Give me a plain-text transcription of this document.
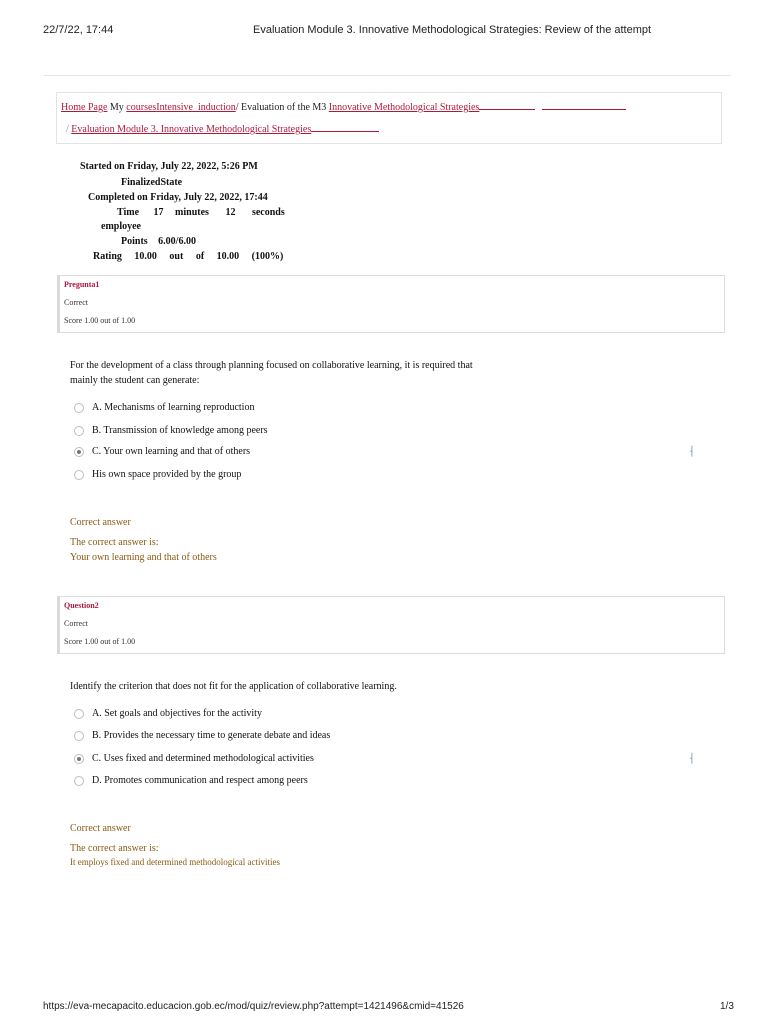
22/7/22, 17:44	Evaluation Module 3. Innovative Methodological Strategies: Review of the attempt
Home Page My coursesIntensive_induction/ Evaluation of the M3 Innovative Methodological Strategies
/ Evaluation Module 3. Innovative Methodological Strategies
Started on Friday, July 22, 2022, 5:26 PM
FinalizedState
Completed on Friday, July 22, 2022, 17:44
Time 17 minutes 12 seconds
employee
Points 6.00/6.00
Rating 10.00 out of 10.00 (100%)
Pregunta1
Correct
Score 1.00 out of 1.00
For the development of a class through planning focused on collaborative learning, it is required that mainly the student can generate:
A. Mechanisms of learning reproduction
B. Transmission of knowledge among peers
C. Your own learning and that of others
His own space provided by the group
⸡
Correct answer
The correct answer is:
Your own learning and that of others
Question2
Correct
Score 1.00 out of 1.00
Identify the criterion that does not fit for the application of collaborative learning.
A. Set goals and objectives for the activity
B. Provides the necessary time to generate debate and ideas
C. Uses fixed and determined methodological activities
D. Promotes communication and respect among peers
⸡
Correct answer
The correct answer is:
It employs fixed and determined methodological activities
https://eva-mecapacito.educacion.gob.ec/mod/quiz/review.php?attempt=1421496&cmid=41526	1/3
